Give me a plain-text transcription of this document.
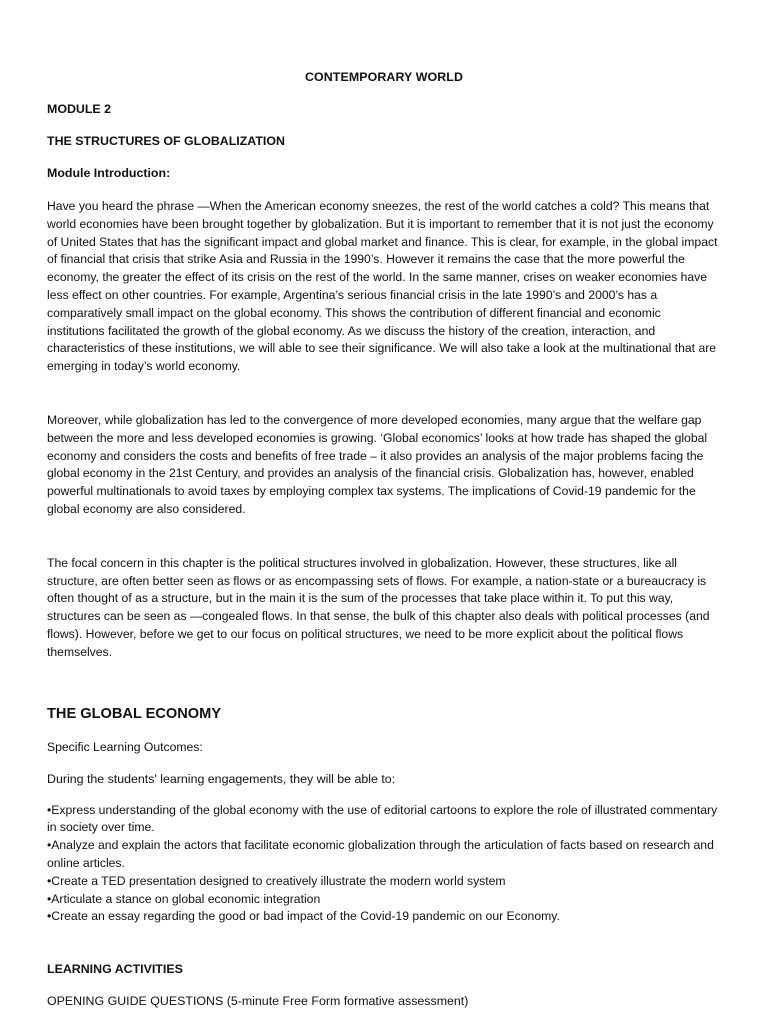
CONTEMPORARY WORLD
MODULE 2
THE STRUCTURES OF GLOBALIZATION
Module Introduction:

Have you heard the phrase —When the American economy sneezes, the rest of the world catches a cold? This means that world economies have been brought together by globalization. But it is important to remember that it is not just the economy of United States that has the significant impact and global market and finance. This is clear, for example, in the global impact of financial that crisis that strike Asia and Russia in the 1990’s. However it remains the case that the more powerful the economy, the greater the effect of its crisis on the rest of the world. In the same manner, crises on weaker economies have less effect on other countries. For example, Argentina’s serious financial crisis in the late 1990’s and 2000’s has a comparatively small impact on the global economy. This shows the contribution of different financial and economic institutions facilitated the growth of the global economy. As we discuss the history of the creation, interaction, and characteristics of these institutions, we will able to see their significance. We will also take a look at the multinational that are emerging in today’s world economy.

Moreover, while globalization has led to the convergence of more developed economies, many argue that the welfare gap between the more and less developed economies is growing. ‘Global economics’ looks at how trade has shaped the global economy and considers the costs and benefits of free trade – it also provides an analysis of the major problems facing the global economy in the 21st Century, and provides an analysis of the financial crisis. Globalization has, however, enabled powerful multinationals to avoid taxes by employing complex tax systems. The implications of Covid-19 pandemic for the global economy are also considered.

The focal concern in this chapter is the political structures involved in globalization. However, these structures, like all structure, are often better seen as flows or as encompassing sets of flows. For example, a nation-state or a bureaucracy is often thought of as a structure, but in the main it is the sum of the processes that take place within it. To put this way, structures can be seen as —congealed flows. In that sense, the bulk of this chapter also deals with political processes (and flows). However, before we get to our focus on political structures, we need to be more explicit about the political flows themselves.

THE GLOBAL ECONOMY
Specific Learning Outcomes:
During the students' learning engagements, they will be able to:
•Express understanding of the global economy with the use of editorial cartoons to explore the role of illustrated commentary in society over time.
•Analyze and explain the actors that facilitate economic globalization through the articulation of facts based on research and online articles.
•Create a TED presentation designed to creatively illustrate the modern world system
•Articulate a stance on global economic integration
•Create an essay regarding the good or bad impact of the Covid-19 pandemic on our Economy.
LEARNING ACTIVITIES
OPENING GUIDE QUESTIONS (5-minute Free Form formative assessment)
